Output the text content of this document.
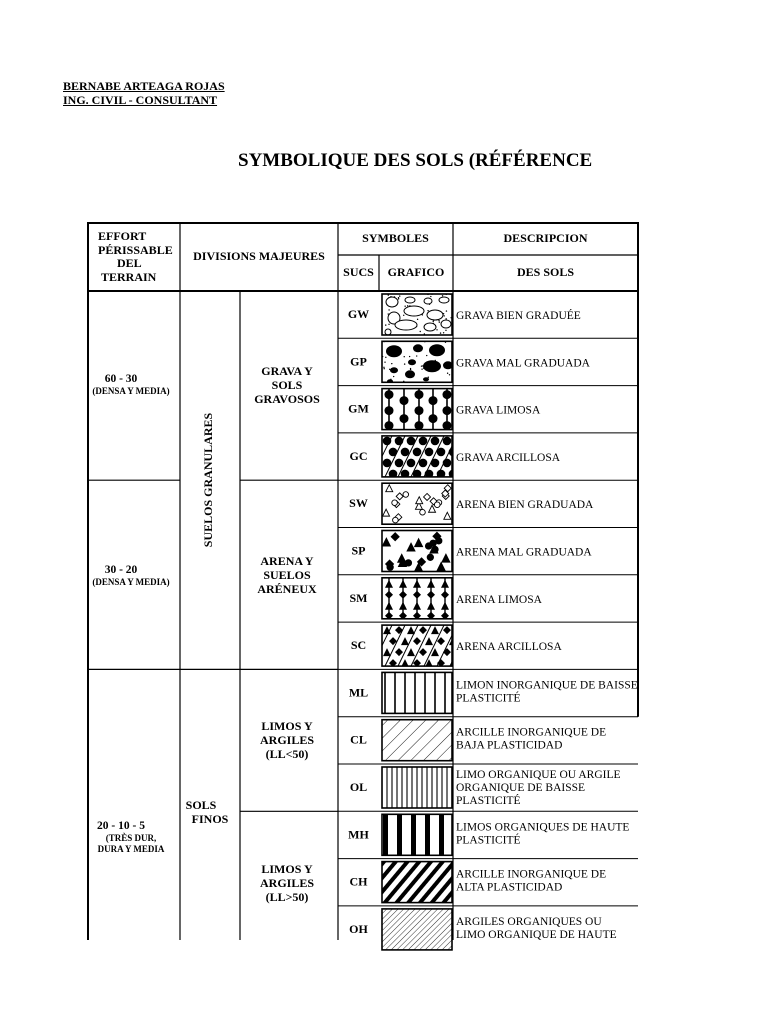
BERNABE ARTEAGA ROJAS
ING. CIVIL - CONSULTANT
SYMBOLIQUE DES SOLS (RÉFÉRENCE
EFFORT
PÉRISSABLE
DEL
TERRAIN
DIVISIONS MAJEURES
SYMBOLES	DESCRIPCION
SUCS GRAFICO	DES SOLS
60 - 30
(DENSA Y MEDIA)
30 - 20
(DENSA Y MEDIA)
20 - 10 - 5
(TRÈS DUR,
DURA Y MEDIA
SUELOS GRANULARES
SOLS
FINOS
GRAVA Y
SOLS
GRAVOSOS
ARENA Y
SUELOS
ARÉNEUX
LIMOS Y
ARGILES
(LL<50)
LIMOS Y
ARGILES
(LL>50)
GW
GP
GM
GC
SW
SP
SM
SC
ML
CL
OL
MH
CH
OH
GRAVA BIEN GRADUÉE
GRAVA MAL GRADUADA
GRAVA LIMOSA
GRAVA ARCILLOSA
ARENA BIEN GRADUADA
ARENA MAL GRADUADA
ARENA LIMOSA
ARENA ARCILLOSA
LIMON INORGANIQUE DE BAISSE
PLASTICITÉ
ARCILLE INORGANIQUE DE
BAJA PLASTICIDAD
LIMO ORGANIQUE OU ARGILE
ORGANIQUE DE BAISSE
PLASTICITÉ
LIMOS ORGANIQUES DE HAUTE
PLASTICITÉ
ARCILLE INORGANIQUE DE
ALTA PLASTICIDAD
ARGILES ORGANIQUES OU
LIMO ORGANIQUE DE HAUTE
